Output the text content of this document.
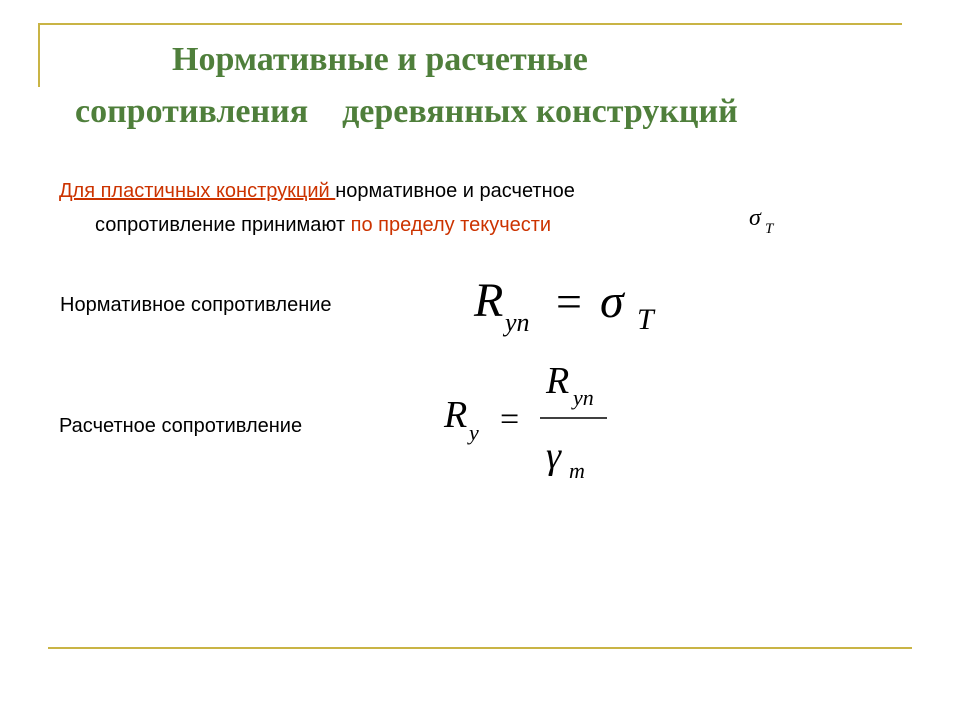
Нормативные и расчетные
сопротивления    деревянных конструкций
Для пластичных конструкций нормативное и расчетное
сопротивление принимают по пределу текучести	σ T
R yn = σ T
R y =
R yn
γ m
Нормативное сопротивление
Расчетное сопротивление
